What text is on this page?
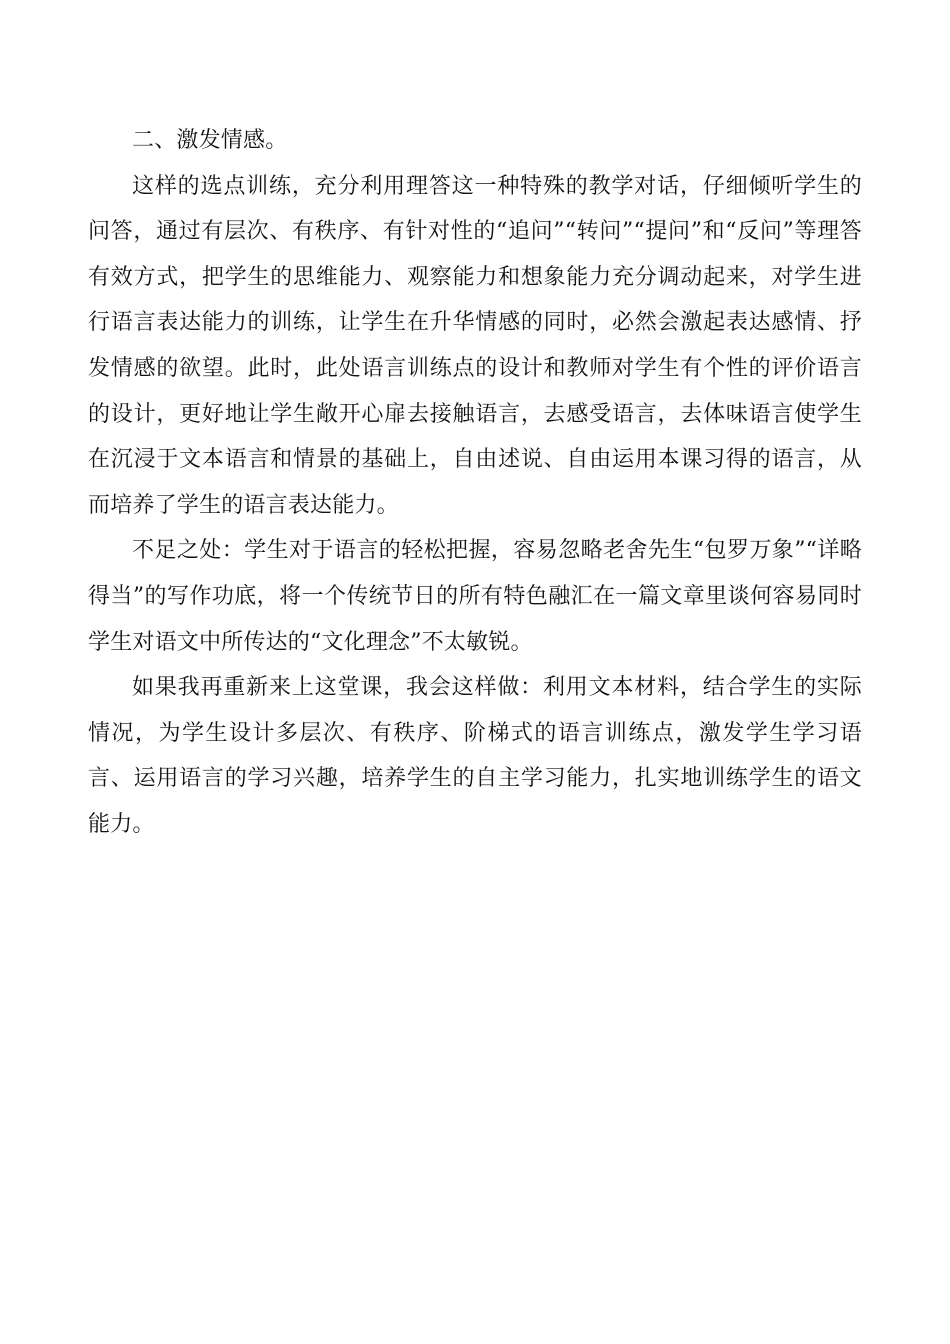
二、激发情感。

这样的选点训练，充分利用理答这一种特殊的教学对话，仔细倾听学生的问答，通过有层次、有秩序、有针对性的“追问”“转问”“提问”和“反问”等理答有效方式，把学生的思维能力、观察能力和想象能力充分调动起来，对学生进行语言表达能力的训练，让学生在升华情感的同时，必然会激起表达感情、抒发情感的欲望。此时，此处语言训练点的设计和教师对学生有个性的评价语言的设计，更好地让学生敞开心扉去接触语言，去感受语言，去体味语言使学生在沉浸于文本语言和情景的基础上，自由述说、自由运用本课习得的语言，从而培养了学生的语言表达能力。

不足之处：学生对于语言的轻松把握，容易忽略老舍先生“包罗万象”“详略得当”的写作功底，将一个传统节日的所有特色融汇在一篇文章里谈何容易同时学生对语文中所传达的“文化理念”不太敏锐。

如果我再重新来上这堂课，我会这样做：利用文本材料，结合学生的实际情况，为学生设计多层次、有秩序、阶梯式的语言训练点，激发学生学习语言、运用语言的学习兴趣，培养学生的自主学习能力，扎实地训练学生的语文能力。
